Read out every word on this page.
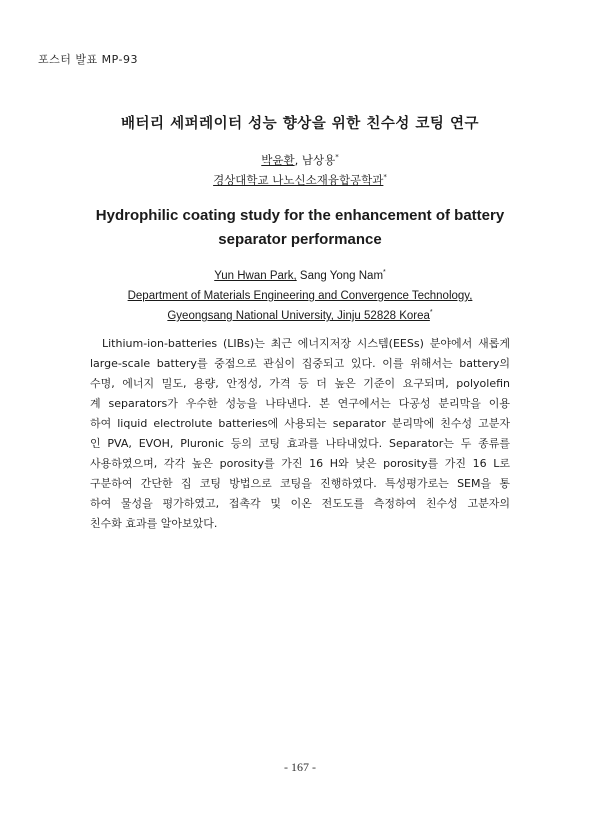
포스터 발표 MP-93
배터리 세퍼레이터 성능 향상을 위한 친수성 코팅 연구
박윤환, 남상용*
경상대학교 나노신소재융합공학과*
Hydrophilic coating study for the enhancement of battery
separator performance
Yun Hwan Park, Sang Yong Nam*
Department of Materials Engineering and Convergence Technology,
Gyeongsang National University, Jinju 52828 Korea*
Lithium-ion-batteries (LIBs)는 최근 에너지저장 시스템(EESs) 분야에서 새롭게
large-scale battery를 중점으로 관심이 집중되고 있다. 이를 위해서는 battery의
수명, 에너지 밀도, 용량, 안정성, 가격 등 더 높은 기준이 요구되며, polyolefin
계 separators가 우수한 성능을 나타낸다. 본 연구에서는 다공성 분리막을 이용
하여 liquid electrolute batteries에 사용되는 separator 분리막에 친수성 고분자
인 PVA, EVOH, Pluronic 등의 코팅 효과를 나타내었다. Separator는 두 종류를
사용하였으며, 각각 높은 porosity를 가진 16 H와 낮은 porosity를 가진 16 L로
구분하여 간단한 집 코팅 방법으로 코팅을 진행하였다. 특성평가로는 SEM을 통
하여 물성을 평가하였고, 접촉각 및 이온 전도도를 측정하여 친수성 고분자의
친수화 효과를 알아보았다.
- 167 -
